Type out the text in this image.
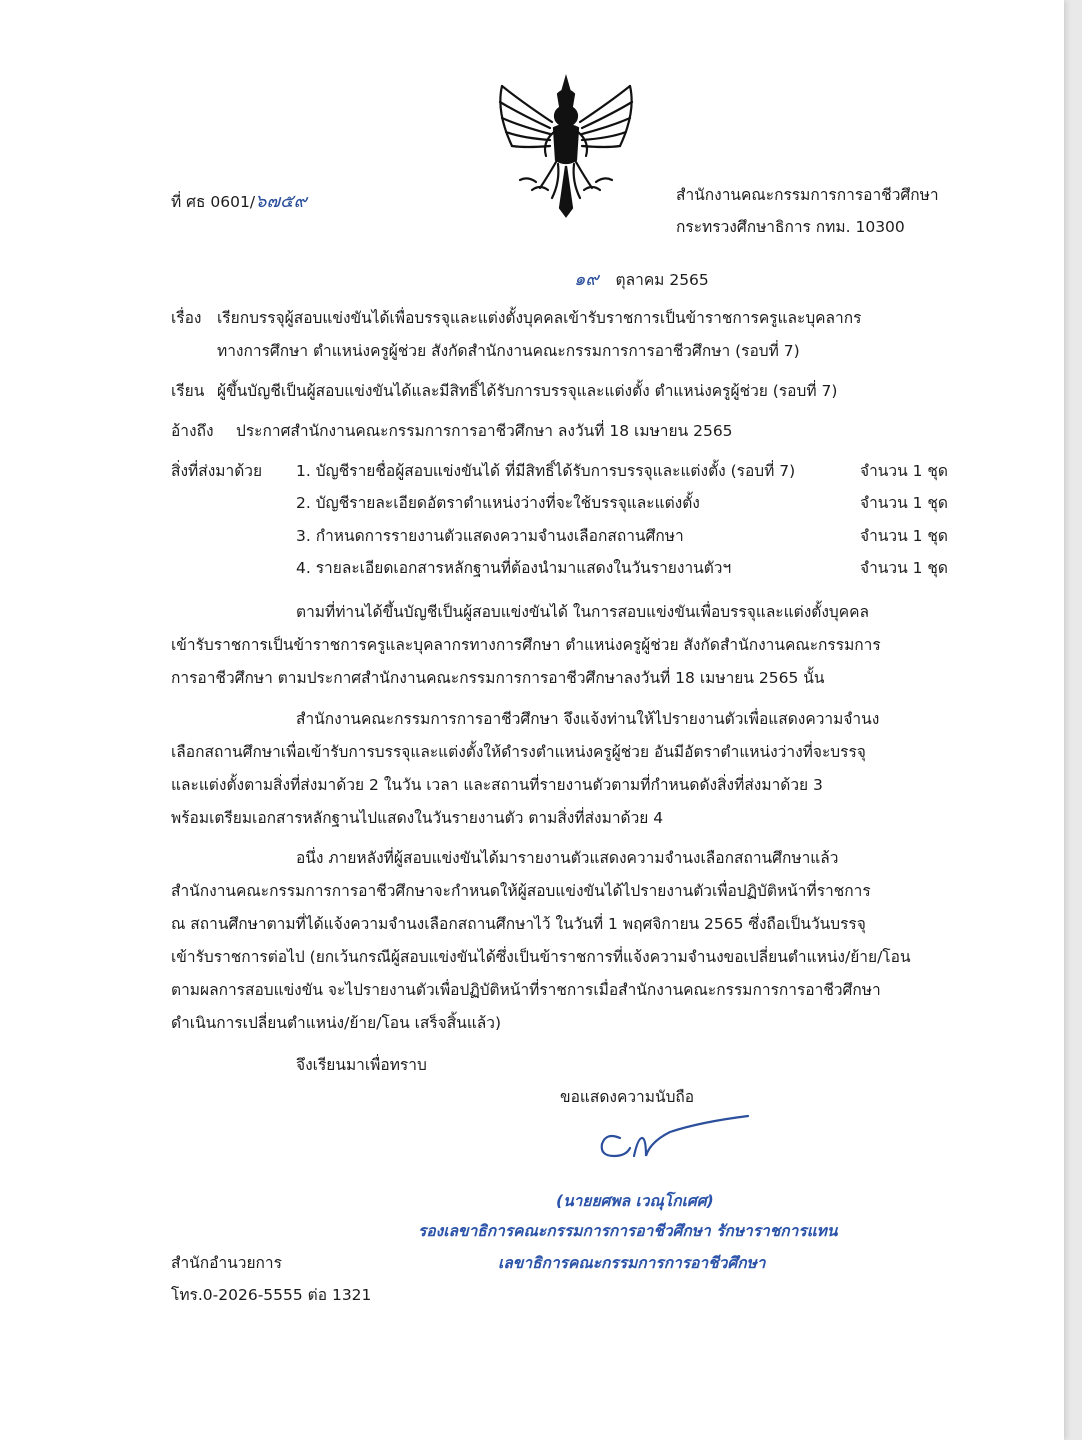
ที่ ศธ 0601/๖๗๕๙	สำนักงานคณะกรรมการการอาชีวศึกษา
กระทรวงศึกษาธิการ กทม. 10300
๑๙ ตุลาคม 2565
เรื่อง เรียกบรรจุผู้สอบแข่งขันได้เพื่อบรรจุและแต่งตั้งบุคคลเข้ารับราชการเป็นข้าราชการครูและบุคลากร
ทางการศึกษา ตำแหน่งครูผู้ช่วย สังกัดสำนักงานคณะกรรมการการอาชีวศึกษา (รอบที่ 7)
เรียน ผู้ขึ้นบัญชีเป็นผู้สอบแข่งขันได้และมีสิทธิ์ได้รับการบรรจุและแต่งตั้ง ตำแหน่งครูผู้ช่วย (รอบที่ 7)
อ้างถึง ประกาศสำนักงานคณะกรรมการการอาชีวศึกษา ลงวันที่ 18 เมษายน 2565
สิ่งที่ส่งมาด้วย 1. บัญชีรายชื่อผู้สอบแข่งขันได้ ที่มีสิทธิ์ได้รับการบรรจุและแต่งตั้ง (รอบที่ 7)	จำนวน 1 ชุด
2. บัญชีรายละเอียดอัตราตำแหน่งว่างที่จะใช้บรรจุและแต่งตั้ง	จำนวน 1 ชุด
3. กำหนดการรายงานตัวแสดงความจำนงเลือกสถานศึกษา	จำนวน 1 ชุด
4. รายละเอียดเอกสารหลักฐานที่ต้องนำมาแสดงในวันรายงานตัวฯ	จำนวน 1 ชุด
ตามที่ท่านได้ขึ้นบัญชีเป็นผู้สอบแข่งขันได้ ในการสอบแข่งขันเพื่อบรรจุและแต่งตั้งบุคคล
เข้ารับราชการเป็นข้าราชการครูและบุคลากรทางการศึกษา ตำแหน่งครูผู้ช่วย สังกัดสำนักงานคณะกรรมการ
การอาชีวศึกษา ตามประกาศสำนักงานคณะกรรมการการอาชีวศึกษาลงวันที่ 18 เมษายน 2565 นั้น
สำนักงานคณะกรรมการการอาชีวศึกษา จึงแจ้งท่านให้ไปรายงานตัวเพื่อแสดงความจำนง
เลือกสถานศึกษาเพื่อเข้ารับการบรรจุและแต่งตั้งให้ดำรงตำแหน่งครูผู้ช่วย อันมีอัตราตำแหน่งว่างที่จะบรรจุ
และแต่งตั้งตามสิ่งที่ส่งมาด้วย 2 ในวัน เวลา และสถานที่รายงานตัวตามที่กำหนดดังสิ่งที่ส่งมาด้วย 3
พร้อมเตรียมเอกสารหลักฐานไปแสดงในวันรายงานตัว ตามสิ่งที่ส่งมาด้วย 4
อนึ่ง ภายหลังที่ผู้สอบแข่งขันได้มารายงานตัวแสดงความจำนงเลือกสถานศึกษาแล้ว
สำนักงานคณะกรรมการการอาชีวศึกษาจะกำหนดให้ผู้สอบแข่งขันได้ไปรายงานตัวเพื่อปฏิบัติหน้าที่ราชการ
ณ สถานศึกษาตามที่ได้แจ้งความจำนงเลือกสถานศึกษาไว้ ในวันที่ 1 พฤศจิกายน 2565 ซึ่งถือเป็นวันบรรจุ
เข้ารับราชการต่อไป (ยกเว้นกรณีผู้สอบแข่งขันได้ซึ่งเป็นข้าราชการที่แจ้งความจำนงขอเปลี่ยนตำแหน่ง/ย้าย/โอน
ตามผลการสอบแข่งขัน จะไปรายงานตัวเพื่อปฏิบัติหน้าที่ราชการเมื่อสำนักงานคณะกรรมการการอาชีวศึกษา
ดำเนินการเปลี่ยนตำแหน่ง/ย้าย/โอน เสร็จสิ้นแล้ว)
จึงเรียนมาเพื่อทราบ
ขอแสดงความนับถือ
(นายยศพล เวณุโกเศศ)
รองเลขาธิการคณะกรรมการการอาชีวศึกษา รักษาราชการแทน
เลขาธิการคณะกรรมการการอาชีวศึกษา
สำนักอำนวยการ
โทร.0-2026-5555 ต่อ 1321
